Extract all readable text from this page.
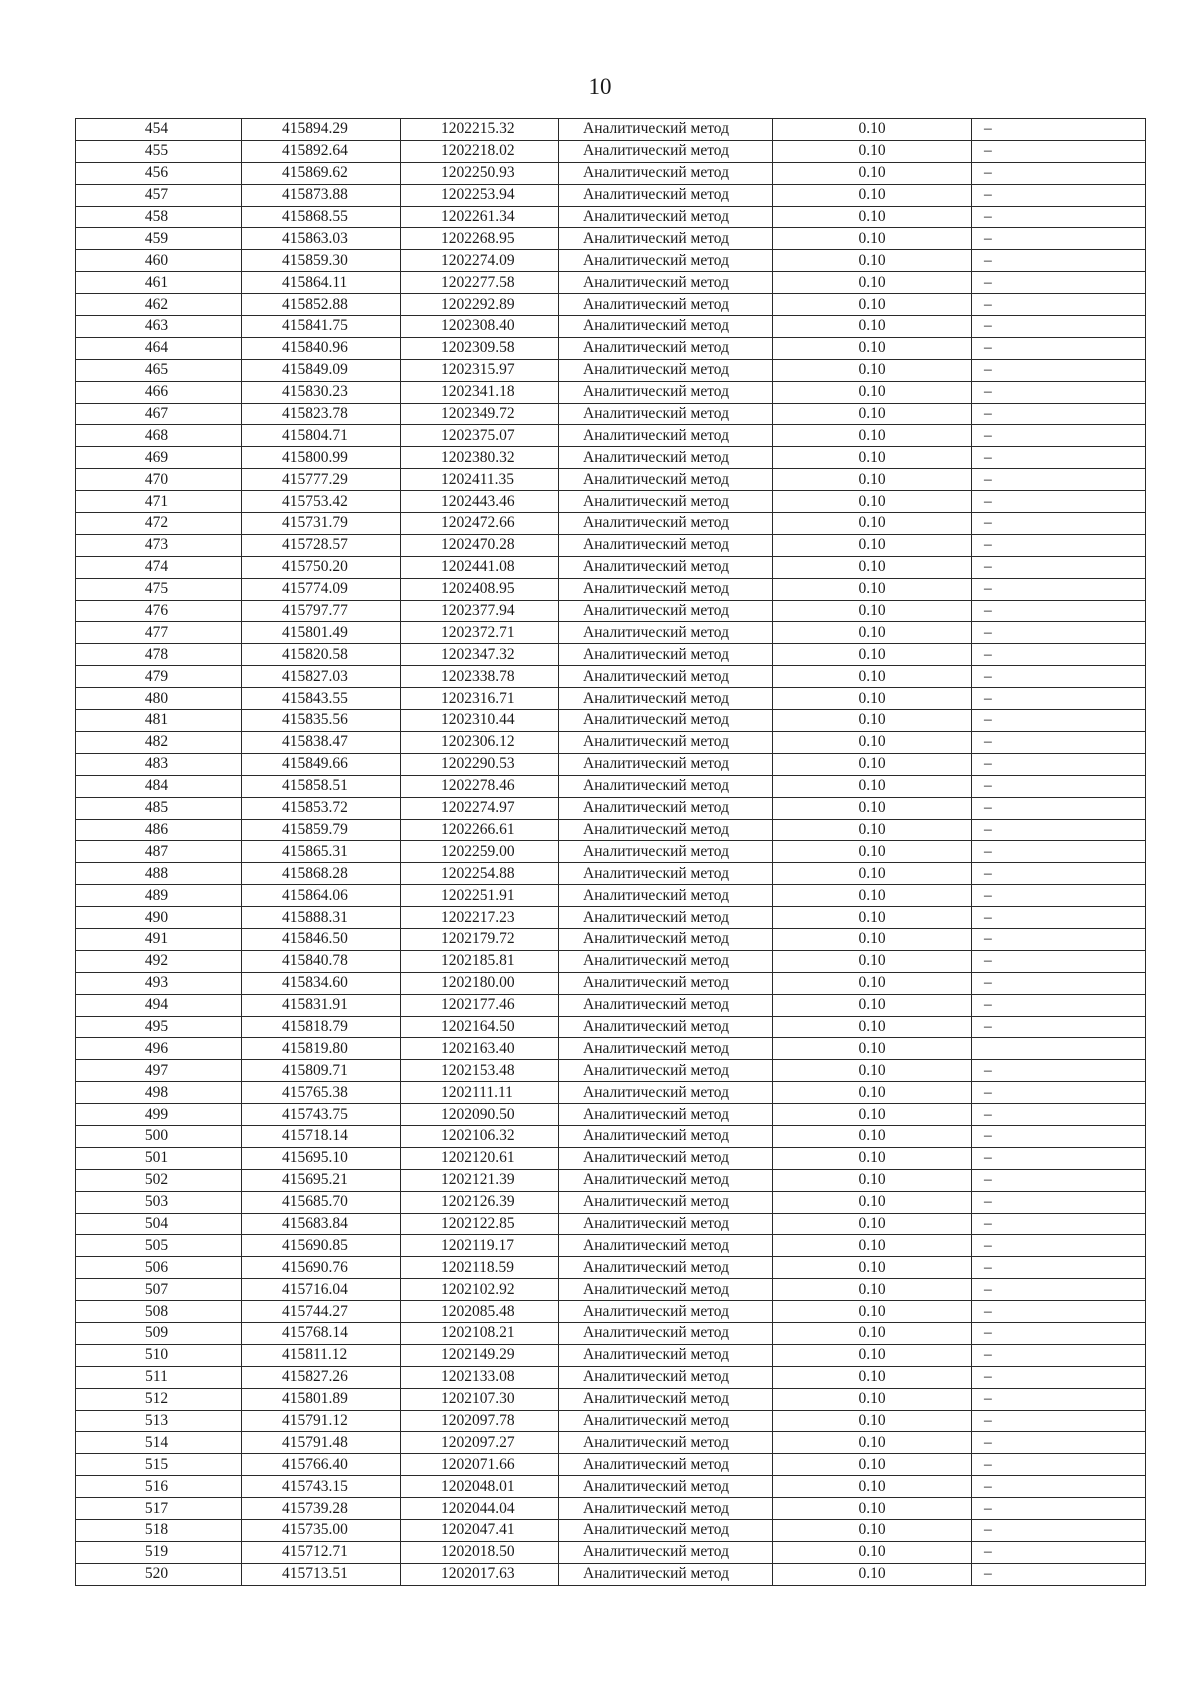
10
454	415894.29	1202215.32	Аналитический метод	0.10	–
455	415892.64	1202218.02	Аналитический метод	0.10	–
456	415869.62	1202250.93	Аналитический метод	0.10	–
457	415873.88	1202253.94	Аналитический метод	0.10	–
458	415868.55	1202261.34	Аналитический метод	0.10	–
459	415863.03	1202268.95	Аналитический метод	0.10	–
460	415859.30	1202274.09	Аналитический метод	0.10	–
461	415864.11	1202277.58	Аналитический метод	0.10	–
462	415852.88	1202292.89	Аналитический метод	0.10	–
463	415841.75	1202308.40	Аналитический метод	0.10	–
464	415840.96	1202309.58	Аналитический метод	0.10	–
465	415849.09	1202315.97	Аналитический метод	0.10	–
466	415830.23	1202341.18	Аналитический метод	0.10	–
467	415823.78	1202349.72	Аналитический метод	0.10	–
468	415804.71	1202375.07	Аналитический метод	0.10	–
469	415800.99	1202380.32	Аналитический метод	0.10	–
470	415777.29	1202411.35	Аналитический метод	0.10	–
471	415753.42	1202443.46	Аналитический метод	0.10	–
472	415731.79	1202472.66	Аналитический метод	0.10	–
473	415728.57	1202470.28	Аналитический метод	0.10	–
474	415750.20	1202441.08	Аналитический метод	0.10	–
475	415774.09	1202408.95	Аналитический метод	0.10	–
476	415797.77	1202377.94	Аналитический метод	0.10	–
477	415801.49	1202372.71	Аналитический метод	0.10	–
478	415820.58	1202347.32	Аналитический метод	0.10	–
479	415827.03	1202338.78	Аналитический метод	0.10	–
480	415843.55	1202316.71	Аналитический метод	0.10	–
481	415835.56	1202310.44	Аналитический метод	0.10	–
482	415838.47	1202306.12	Аналитический метод	0.10	–
483	415849.66	1202290.53	Аналитический метод	0.10	–
484	415858.51	1202278.46	Аналитический метод	0.10	–
485	415853.72	1202274.97	Аналитический метод	0.10	–
486	415859.79	1202266.61	Аналитический метод	0.10	–
487	415865.31	1202259.00	Аналитический метод	0.10	–
488	415868.28	1202254.88	Аналитический метод	0.10	–
489	415864.06	1202251.91	Аналитический метод	0.10	–
490	415888.31	1202217.23	Аналитический метод	0.10	–
491	415846.50	1202179.72	Аналитический метод	0.10	–
492	415840.78	1202185.81	Аналитический метод	0.10	–
493	415834.60	1202180.00	Аналитический метод	0.10	–
494	415831.91	1202177.46	Аналитический метод	0.10	–
495	415818.79	1202164.50	Аналитический метод	0.10	–
496	415819.80	1202163.40	Аналитический метод	0.10	
497	415809.71	1202153.48	Аналитический метод	0.10	–
498	415765.38	1202111.11	Аналитический метод	0.10	–
499	415743.75	1202090.50	Аналитический метод	0.10	–
500	415718.14	1202106.32	Аналитический метод	0.10	–
501	415695.10	1202120.61	Аналитический метод	0.10	–
502	415695.21	1202121.39	Аналитический метод	0.10	–
503	415685.70	1202126.39	Аналитический метод	0.10	–
504	415683.84	1202122.85	Аналитический метод	0.10	–
505	415690.85	1202119.17	Аналитический метод	0.10	–
506	415690.76	1202118.59	Аналитический метод	0.10	–
507	415716.04	1202102.92	Аналитический метод	0.10	–
508	415744.27	1202085.48	Аналитический метод	0.10	–
509	415768.14	1202108.21	Аналитический метод	0.10	–
510	415811.12	1202149.29	Аналитический метод	0.10	–
511	415827.26	1202133.08	Аналитический метод	0.10	–
512	415801.89	1202107.30	Аналитический метод	0.10	–
513	415791.12	1202097.78	Аналитический метод	0.10	–
514	415791.48	1202097.27	Аналитический метод	0.10	–
515	415766.40	1202071.66	Аналитический метод	0.10	–
516	415743.15	1202048.01	Аналитический метод	0.10	–
517	415739.28	1202044.04	Аналитический метод	0.10	–
518	415735.00	1202047.41	Аналитический метод	0.10	–
519	415712.71	1202018.50	Аналитический метод	0.10	–
520	415713.51	1202017.63	Аналитический метод	0.10	–
